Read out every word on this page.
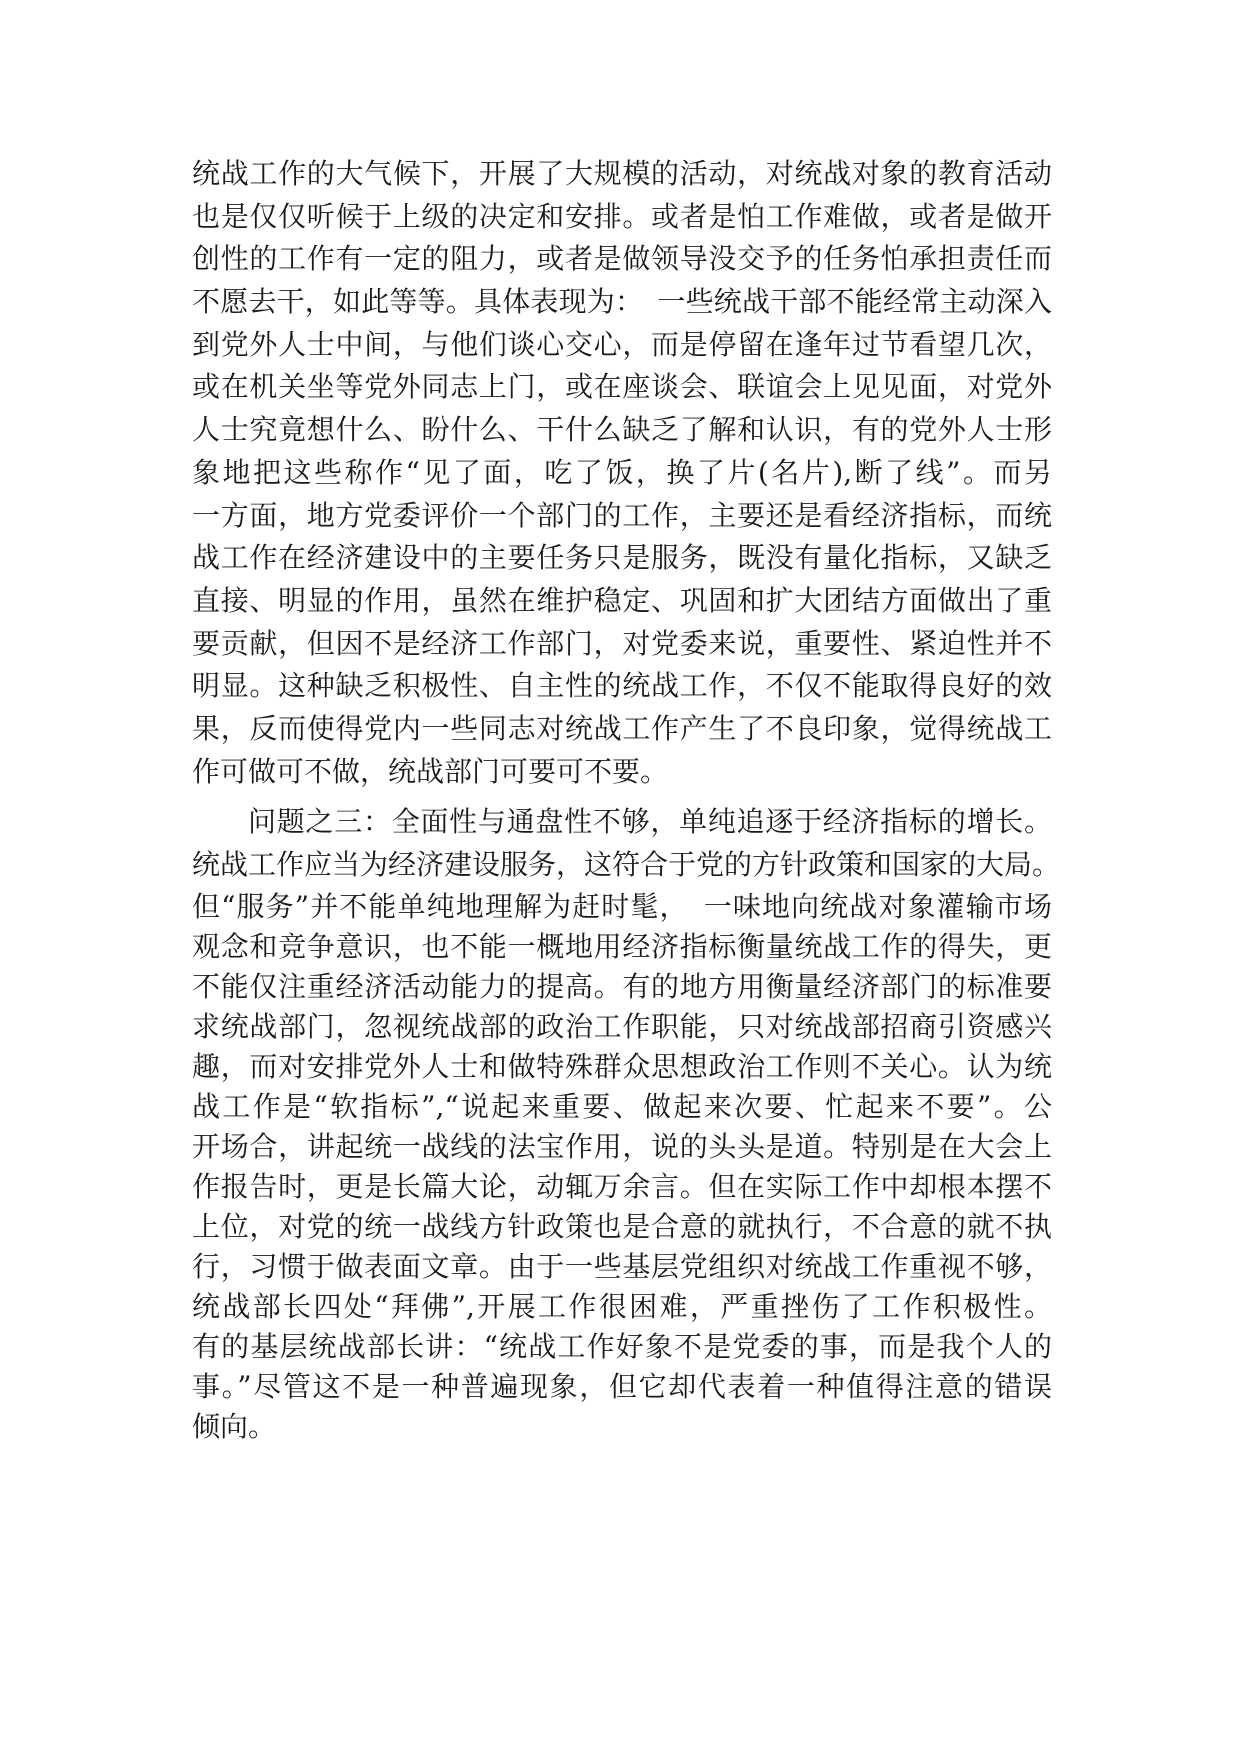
统战工作的大气候下，开展了大规模的活动，对统战对象的教育活动
也是仅仅听候于上级的决定和安排。或者是怕工作难做，或者是做开
创性的工作有一定的阻力，或者是做领导没交予的任务怕承担责任而
不愿去干，如此等等。具体表现为：　一些统战干部不能经常主动深入
到党外人士中间，与他们谈心交心，而是停留在逢年过节看望几次，
或在机关坐等党外同志上门，或在座谈会、联谊会上见见面，对党外
人士究竟想什么、盼什么、干什么缺乏了解和认识，有的党外人士形
象地把这些称作“见了面，吃了饭，换了片(名片),断了线”。而另
一方面，地方党委评价一个部门的工作，主要还是看经济指标，而统
战工作在经济建设中的主要任务只是服务，既没有量化指标，又缺乏
直接、明显的作用，虽然在维护稳定、巩固和扩大团结方面做出了重
要贡献，但因不是经济工作部门，对党委来说，重要性、紧迫性并不
明显。这种缺乏积极性、自主性的统战工作，不仅不能取得良好的效
果，反而使得党内一些同志对统战工作产生了不良印象，觉得统战工
作可做可不做，统战部门可要可不要。
问题之三：全面性与通盘性不够，单纯追逐于经济指标的增长。
统战工作应当为经济建设服务，这符合于党的方针政策和国家的大局。
但“服务”并不能单纯地理解为赶时髦，　一味地向统战对象灌输市场
观念和竞争意识，也不能一概地用经济指标衡量统战工作的得失，更
不能仅注重经济活动能力的提高。有的地方用衡量经济部门的标准要
求统战部门，忽视统战部的政治工作职能，只对统战部招商引资感兴
趣，而对安排党外人士和做特殊群众思想政治工作则不关心。认为统
战工作是“软指标”,“说起来重要、做起来次要、忙起来不要”。公
开场合，讲起统一战线的法宝作用，说的头头是道。特别是在大会上
作报告时，更是长篇大论，动辄万余言。但在实际工作中却根本摆不
上位，对党的统一战线方针政策也是合意的就执行，不合意的就不执
行，习惯于做表面文章。由于一些基层党组织对统战工作重视不够，
统战部长四处“拜佛”,开展工作很困难，严重挫伤了工作积极性。
有的基层统战部长讲：“统战工作好象不是党委的事，而是我个人的
事。”尽管这不是一种普遍现象，但它却代表着一种值得注意的错误
倾向。
